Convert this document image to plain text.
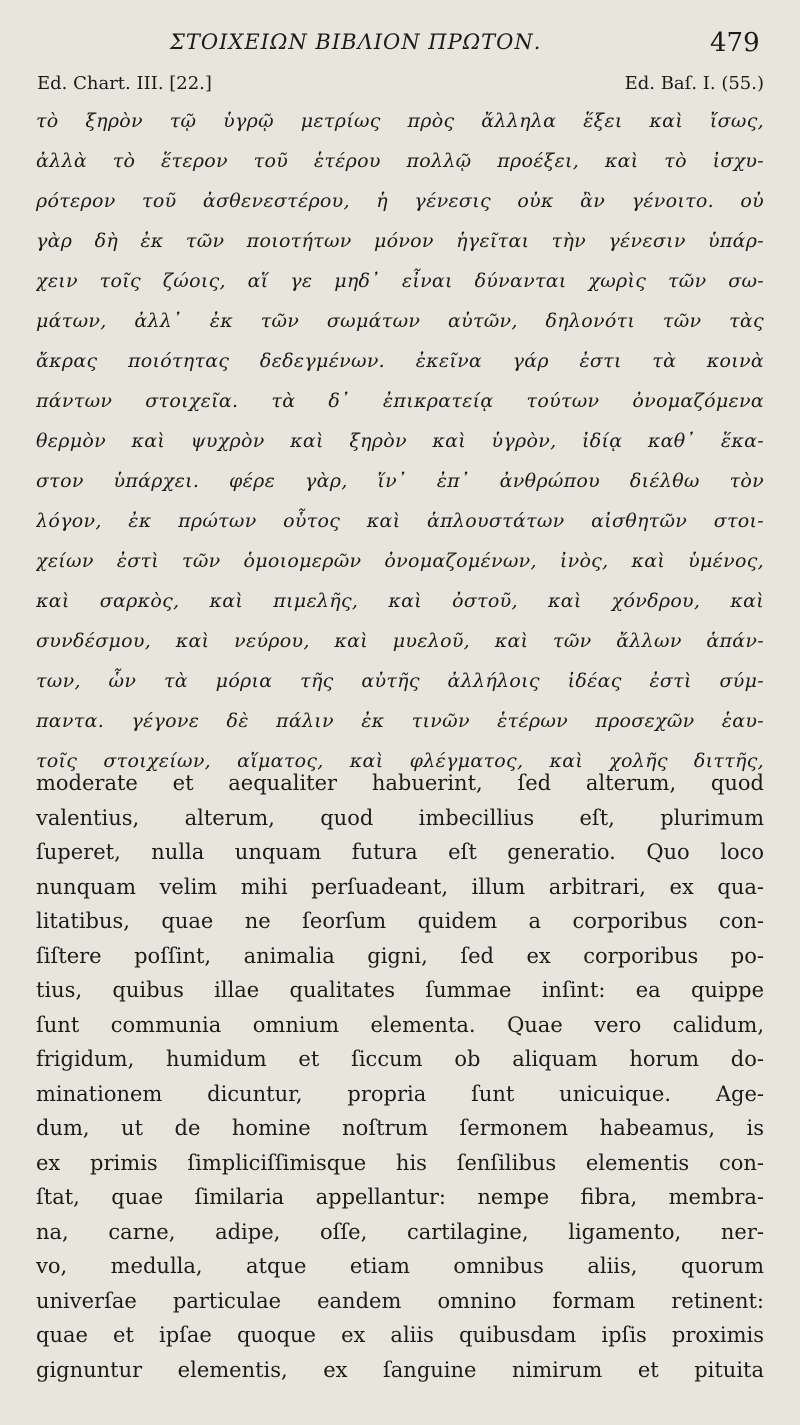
ΣΤΟΙΧΕΙΩΝ ΒΙΒΛΙΟΝ ΠΡΩΤΟΝ.	479
Ed. Chart. III. [22.]	Ed. Baſ. I. (55.)
τὸ ξηρὸν τῷ ὑγρῷ μετρίως πρὸς ἄλληλα ἕξει καὶ ἴσως,
ἀλλὰ τὸ ἕτερον τοῦ ἑτέρου πολλῷ προέξει, καὶ τὸ ἰσχυ-
ρότερον τοῦ ἀσθενεστέρου, ἡ γένεσις οὐκ ἂν γένοιτο. οὐ
γὰρ δὴ ἐκ τῶν ποιοτήτων μόνον ἡγεῖται τὴν γένεσιν ὑπάρ-
χειν τοῖς ζώοις, αἵ γε μηδ᾽ εἶναι δύνανται χωρὶς τῶν σω-
μάτων, ἀλλ᾽ ἐκ τῶν σωμάτων αὐτῶν, δηλονότι τῶν τὰς
ἄκρας ποιότητας δεδεγμένων. ἐκεῖνα γάρ ἐστι τὰ κοινὰ
πάντων στοιχεῖα. τὰ δ᾽ ἐπικρατείᾳ τούτων ὀνομαζόμενα
θερμὸν καὶ ψυχρὸν καὶ ξηρὸν καὶ ὑγρὸν, ἰδίᾳ καθ᾽ ἕκα-
στον ὑπάρχει. φέρε γὰρ, ἵν᾽ ἐπ᾽ ἀνθρώπου διέλθω τὸν
λόγον, ἐκ πρώτων οὗτος καὶ ἁπλουστάτων αἰσθητῶν στοι-
χείων ἐστὶ τῶν ὁμοιομερῶν ὀνομαζομένων, ἰνὸς, καὶ ὑμένος,
καὶ σαρκὸς, καὶ πιμελῆς, καὶ ὀστοῦ, καὶ χόνδρου, καὶ
συνδέσμου, καὶ νεύρου, καὶ μυελοῦ, καὶ τῶν ἄλλων ἁπάν-
των, ὧν τὰ μόρια τῆς αὐτῆς ἀλλήλοις ἰδέας ἐστὶ σύμ-
παντα. γέγονε δὲ πάλιν ἐκ τινῶν ἑτέρων προσεχῶν ἑαυ-
τοῖς στοιχείων, αἵματος, καὶ φλέγματος, καὶ χολῆς διττῆς,
moderate et aequaliter habuerint, ſed alterum, quod
valentius, alterum, quod imbecillius eſt, plurimum
ſuperet, nulla unquam futura eſt generatio. Quo loco
nunquam velim mihi perſuadeant, illum arbitrari, ex qua-
litatibus, quae ne ſeorſum quidem a corporibus con-
ſiſtere poſſint, animalia gigni, ſed ex corporibus po-
tius, quibus illae qualitates ſummae inſint: ea quippe
ſunt communia omnium elementa. Quae vero calidum,
frigidum, humidum et ſiccum ob aliquam horum do-
minationem dicuntur, propria ſunt unicuique. Age-
dum, ut de homine noſtrum ſermonem habeamus, is
ex primis ſimpliciſſimisque his ſenſilibus elementis con-
ſtat, quae ſimilaria appellantur: nempe fibra, membra-
na, carne, adipe, oſſe, cartilagine, ligamento, ner-
vo, medulla, atque etiam omnibus aliis, quorum
univerſae particulae eandem omnino formam retinent:
quae et ipſae quoque ex aliis quibusdam ipſis proximis
gignuntur elementis, ex ſanguine nimirum et pituita
